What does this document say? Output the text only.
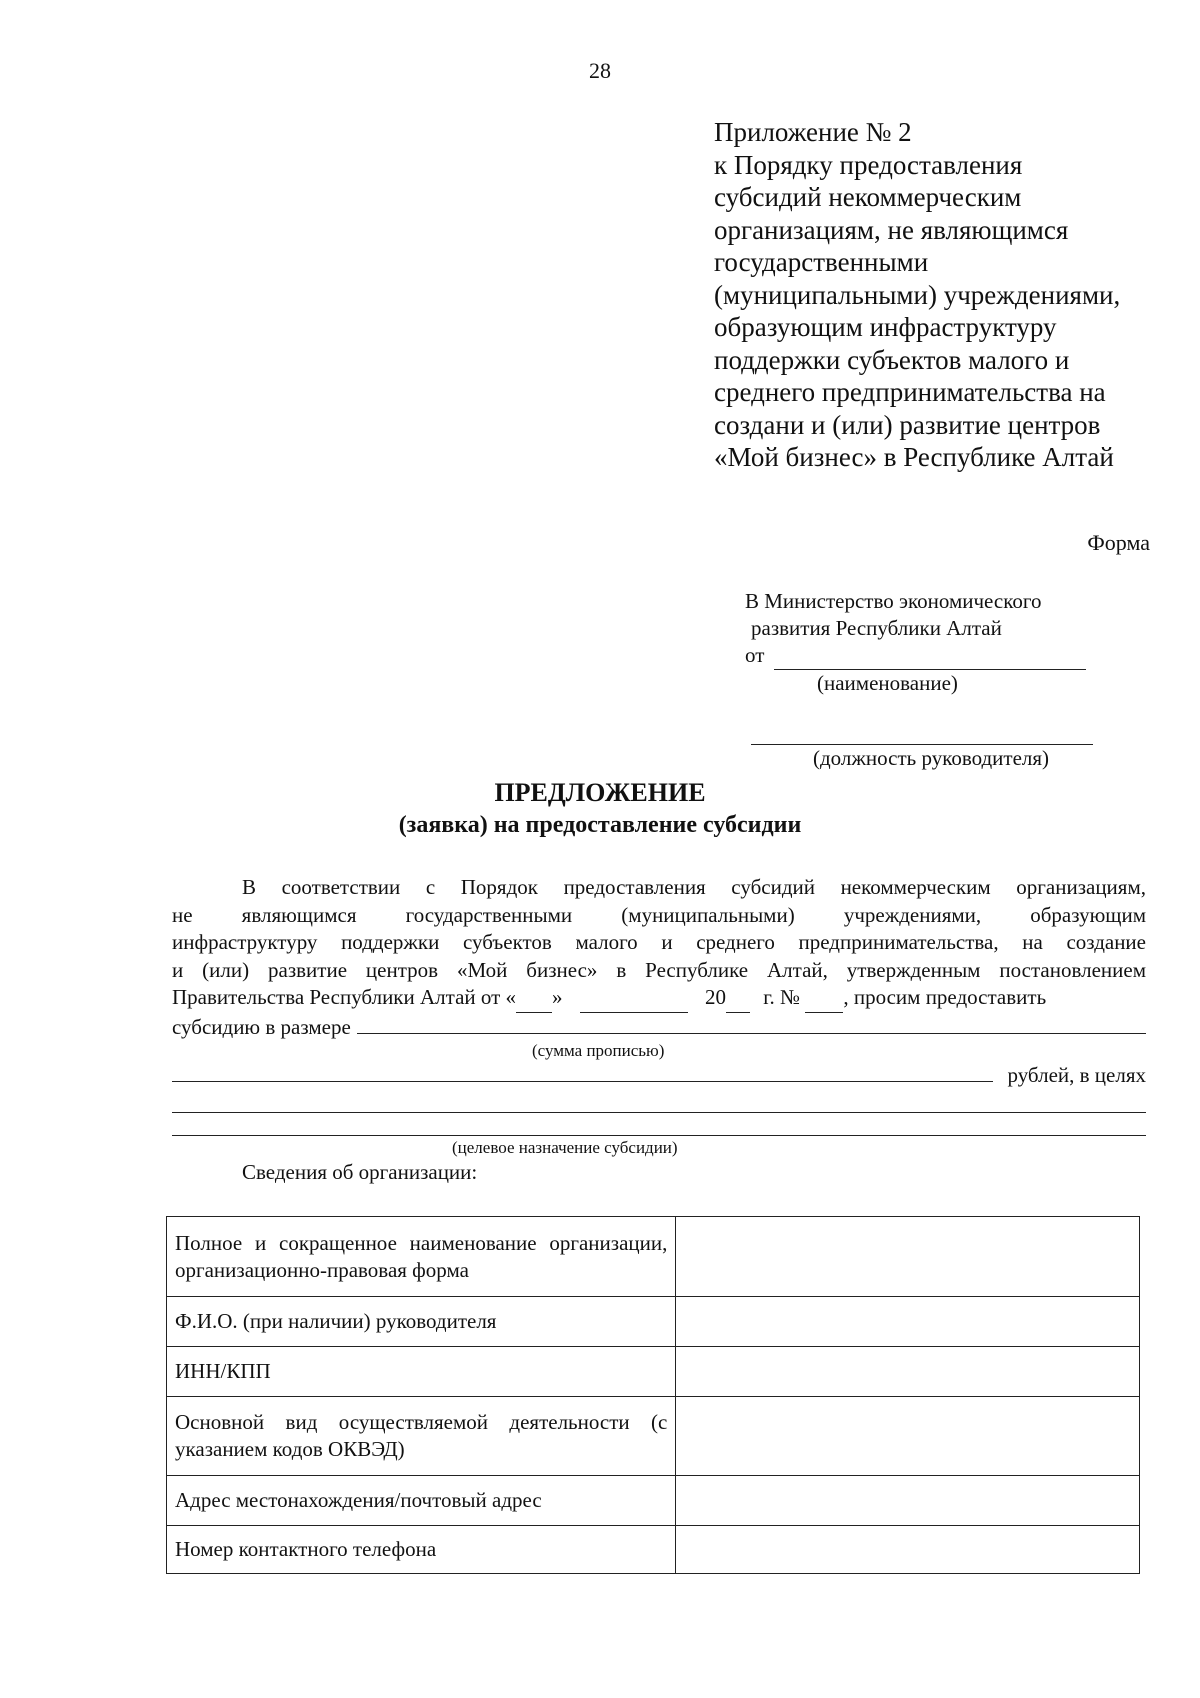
28
Приложение № 2
к Порядку предоставления
субсидий некоммерческим
организациям, не являющимся
государственными
(муниципальными) учреждениями,
образующим инфраструктуру
поддержки субъектов малого и
среднего предпринимательства на
создани и (или) развитие центров
«Мой бизнес» в Республике Алтай
Форма
В Министерство экономического
развития Республики Алтай
от
(наименование)

(должность руководителя)
ПРЕДЛОЖЕНИЕ
(заявка) на предоставление субсидии
В соответствии с Порядок предоставления субсидий некоммерческим организациям,
не являющимся государственными (муниципальными) учреждениями, образующим
инфраструктуру поддержки субъектов малого и среднего предпринимательства, на создание
и (или) развитие центров «Мой бизнес» в Республике Алтай, утвержденным постановлением
Правительства Республики Алтай от « »	20 г. № , просим предоставить
субсидию в размере
(сумма прописью)
рублей, в целях
(целевое назначение субсидии)
Сведения об организации:
Полное и сокращенное наименование организации, организационно-правовая форма	
Ф.И.О. (при наличии) руководителя	
ИНН/КПП	
Основной вид осуществляемой деятельности (с указанием кодов ОКВЭД)	
Адрес местонахождения/почтовый адрес	
Номер контактного телефона	
